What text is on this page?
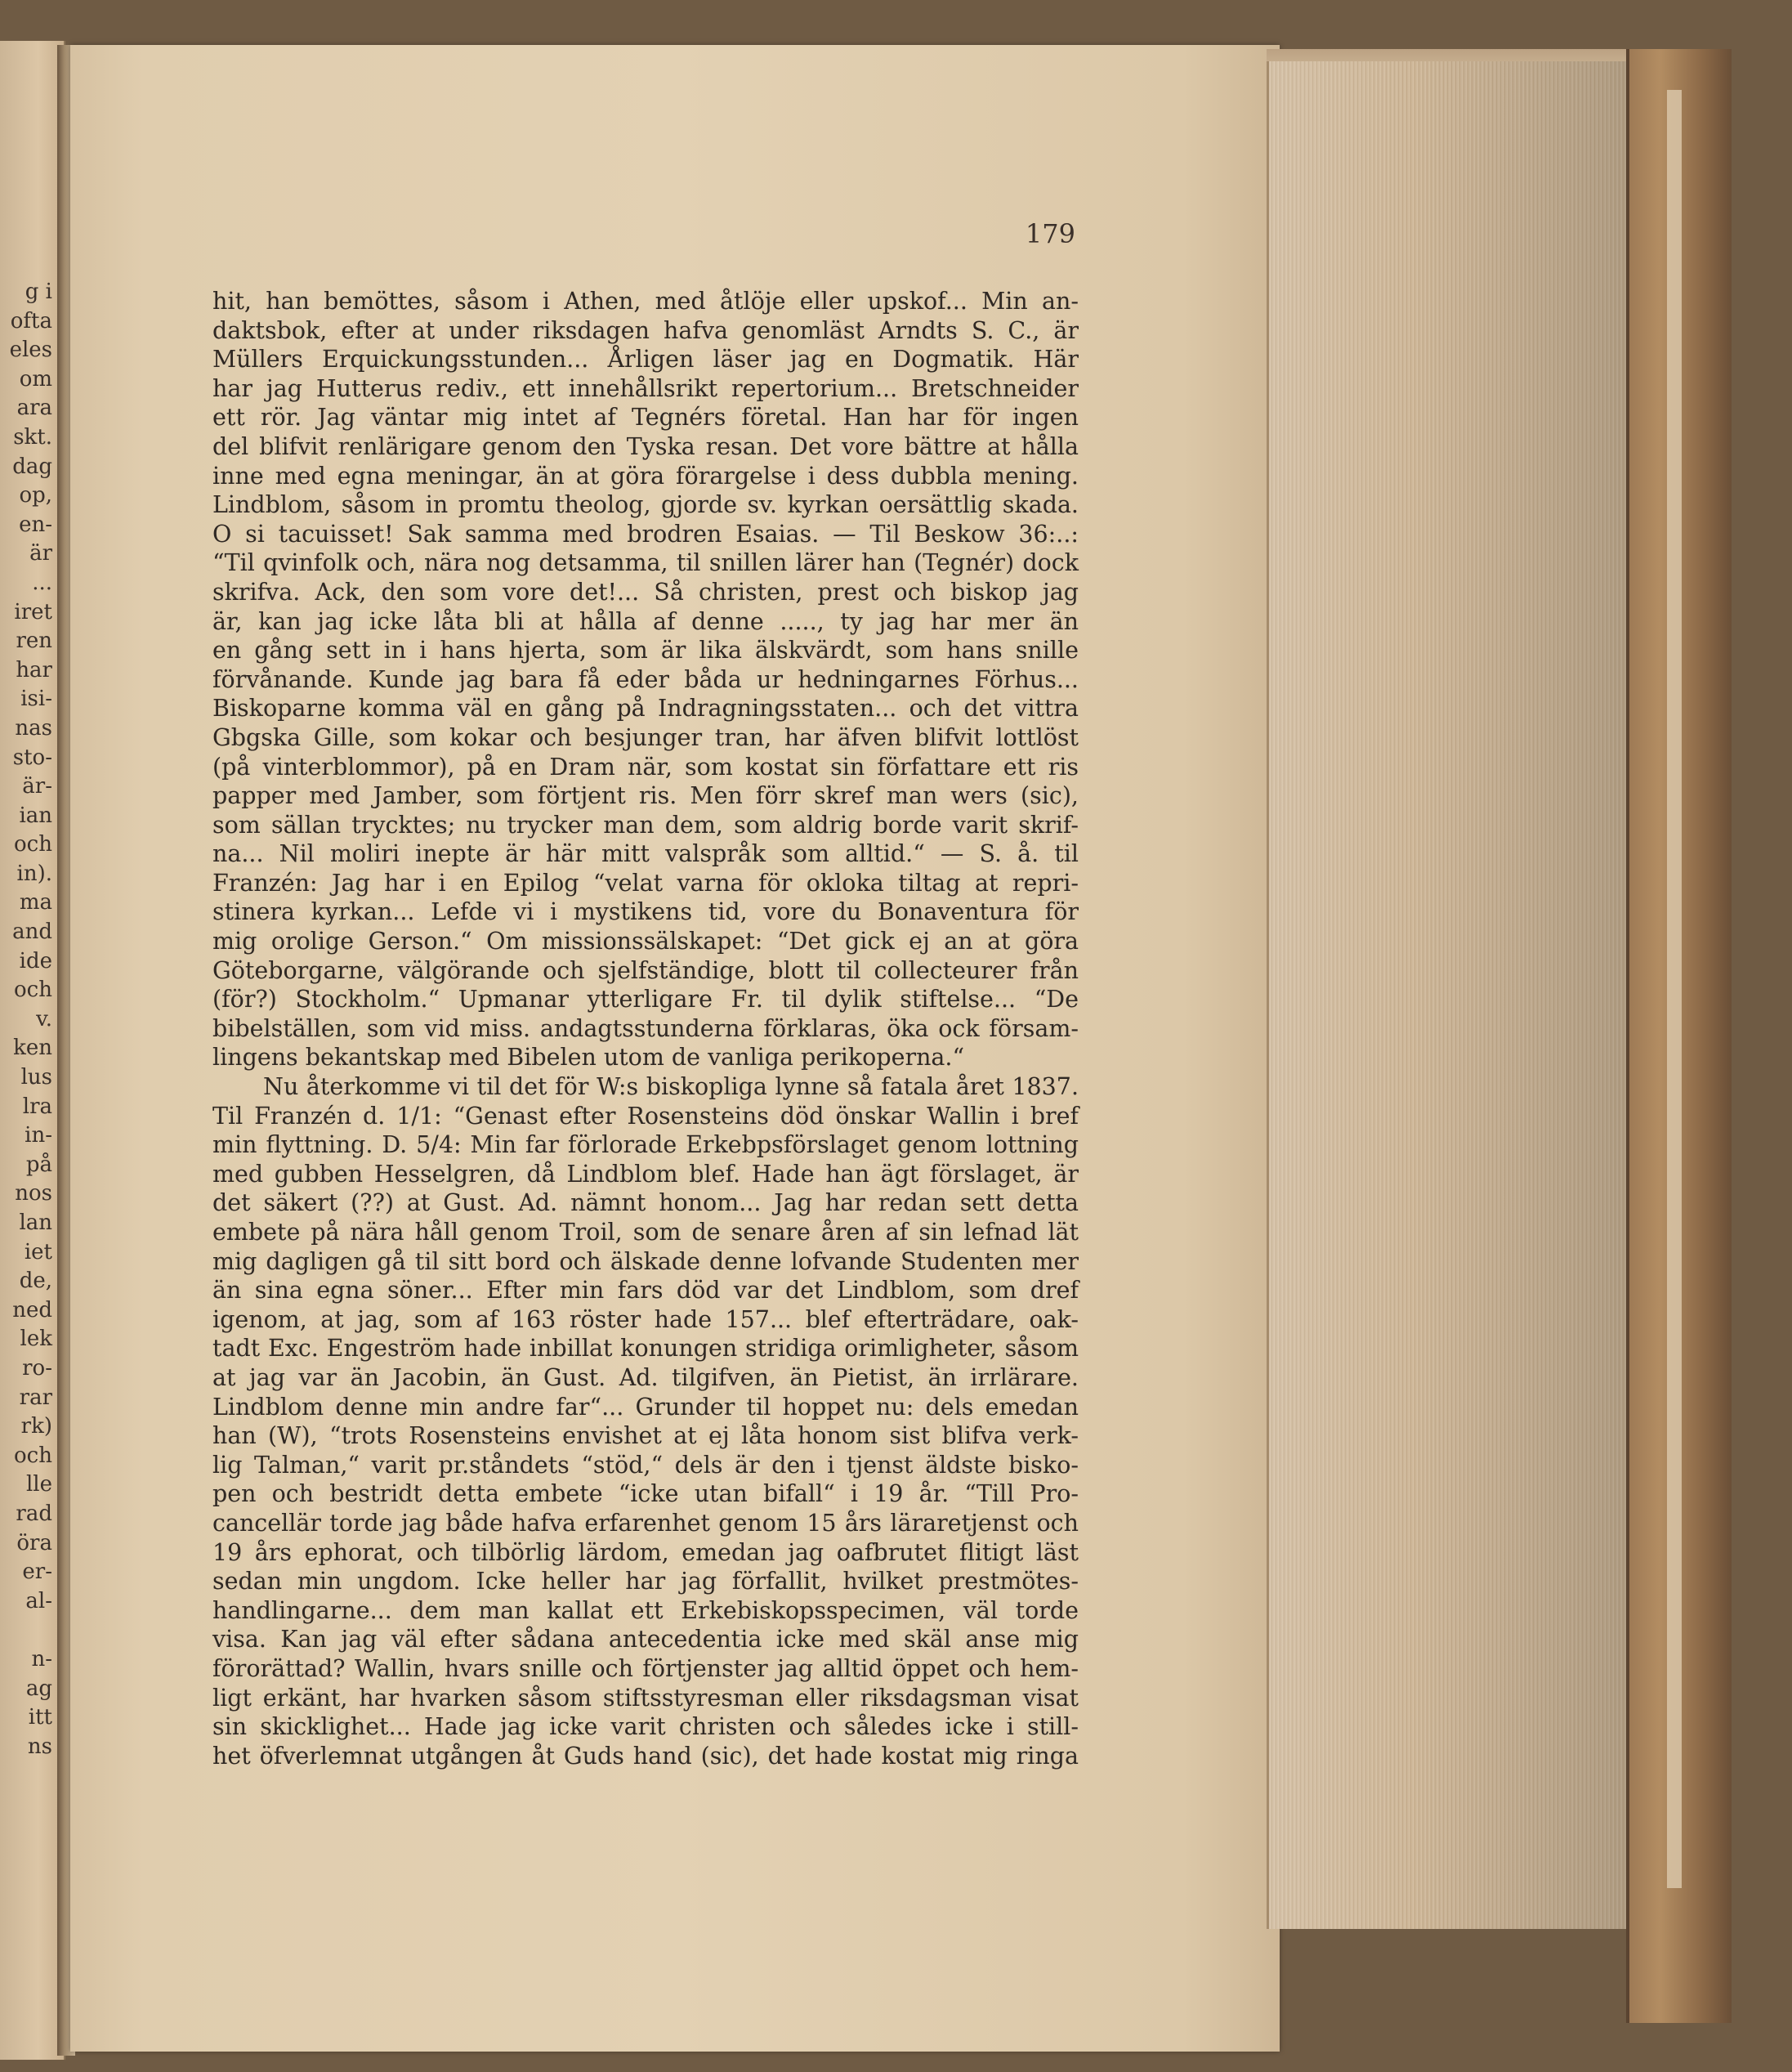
g i
ofta
eles
om
ara
skt.
dag
op,
en-
är
...
iret
ren
har
isi-
nas
sto-
är-
ian
och
in).
ma
and
ide
och
v.
ken
lus
lra
in-
på
nos
lan
iet
de,
ned
lek
ro-
rar
rk)
och
lle
rad
öra
er-
al-

n-
ag
itt
ns
179
hit, han bemöttes, såsom i Athen, med åtlöje eller upskof... Min an-
daktsbok, efter at under riksdagen hafva genomläst Arndts S. C., är
Müllers Erquickungsstunden... Årligen läser jag en Dogmatik. Här
har jag Hutterus rediv., ett innehållsrikt repertorium... Bretschneider
ett rör. Jag väntar mig intet af Tegnérs företal. Han har för ingen
del blifvit renlärigare genom den Tyska resan. Det vore bättre at hålla
inne med egna meningar, än at göra förargelse i dess dubbla mening.
Lindblom, såsom in promtu theolog, gjorde sv. kyrkan oersättlig skada.
O si tacuisset! Sak samma med brodren Esaias. — Til Beskow 36:..:
“Til qvinfolk och, nära nog detsamma, til snillen lärer han (Tegnér) dock
skrifva. Ack, den som vore det!... Så christen, prest och biskop jag
är, kan jag icke låta bli at hålla af denne ....., ty jag har mer än
en gång sett in i hans hjerta, som är lika älskvärdt, som hans snille
förvånande. Kunde jag bara få eder båda ur hedningarnes Förhus...
Biskoparne komma väl en gång på Indragningsstaten... och det vittra
Gbgska Gille, som kokar och besjunger tran, har äfven blifvit lottlöst
(på vinterblommor), på en Dram när, som kostat sin författare ett ris
papper med Jamber, som förtjent ris. Men förr skref man wers (sic),
som sällan trycktes; nu trycker man dem, som aldrig borde varit skrif-
na... Nil moliri inepte är här mitt valspråk som alltid.“ — S. å. til
Franzén: Jag har i en Epilog “velat varna för okloka tiltag at repri-
stinera kyrkan... Lefde vi i mystikens tid, vore du Bonaventura för
mig orolige Gerson.“ Om missionssälskapet: “Det gick ej an at göra
Göteborgarne, välgörande och sjelfständige, blott til collecteurer från
(för?) Stockholm.“ Upmanar ytterligare Fr. til dylik stiftelse... “De
bibelställen, som vid miss. andagtsstunderna förklaras, öka ock försam-
lingens bekantskap med Bibelen utom de vanliga perikoperna.“
Nu återkomme vi til det för W:s biskopliga lynne så fatala året 1837.
Til Franzén d. 1/1: “Genast efter Rosensteins död önskar Wallin i bref
min flyttning. D. 5/4: Min far förlorade Erkebpsförslaget genom lottning
med gubben Hesselgren, då Lindblom blef. Hade han ägt förslaget, är
det säkert (??) at Gust. Ad. nämnt honom... Jag har redan sett detta
embete på nära håll genom Troil, som de senare åren af sin lefnad lät
mig dagligen gå til sitt bord och älskade denne lofvande Studenten mer
än sina egna söner... Efter min fars död var det Lindblom, som dref
igenom, at jag, som af 163 röster hade 157... blef efterträdare, oak-
tadt Exc. Engeström hade inbillat konungen stridiga orimligheter, såsom
at jag var än Jacobin, än Gust. Ad. tilgifven, än Pietist, än irrlärare.
Lindblom denne min andre far“... Grunder til hoppet nu: dels emedan
han (W), “trots Rosensteins envishet at ej låta honom sist blifva verk-
lig Talman,“ varit pr.ståndets “stöd,“ dels är den i tjenst äldste bisko-
pen och bestridt detta embete “icke utan bifall“ i 19 år. “Till Pro-
cancellär torde jag både hafva erfarenhet genom 15 års läraretjenst och
19 års ephorat, och tilbörlig lärdom, emedan jag oafbrutet flitigt läst
sedan min ungdom. Icke heller har jag förfallit, hvilket prestmötes-
handlingarne... dem man kallat ett Erkebiskopsspecimen, väl torde
visa. Kan jag väl efter sådana antecedentia icke med skäl anse mig
förorättad? Wallin, hvars snille och förtjenster jag alltid öppet och hem-
ligt erkänt, har hvarken såsom stiftsstyresman eller riksdagsman visat
sin skicklighet... Hade jag icke varit christen och således icke i still-
het öfverlemnat utgången åt Guds hand (sic), det hade kostat mig ringa
